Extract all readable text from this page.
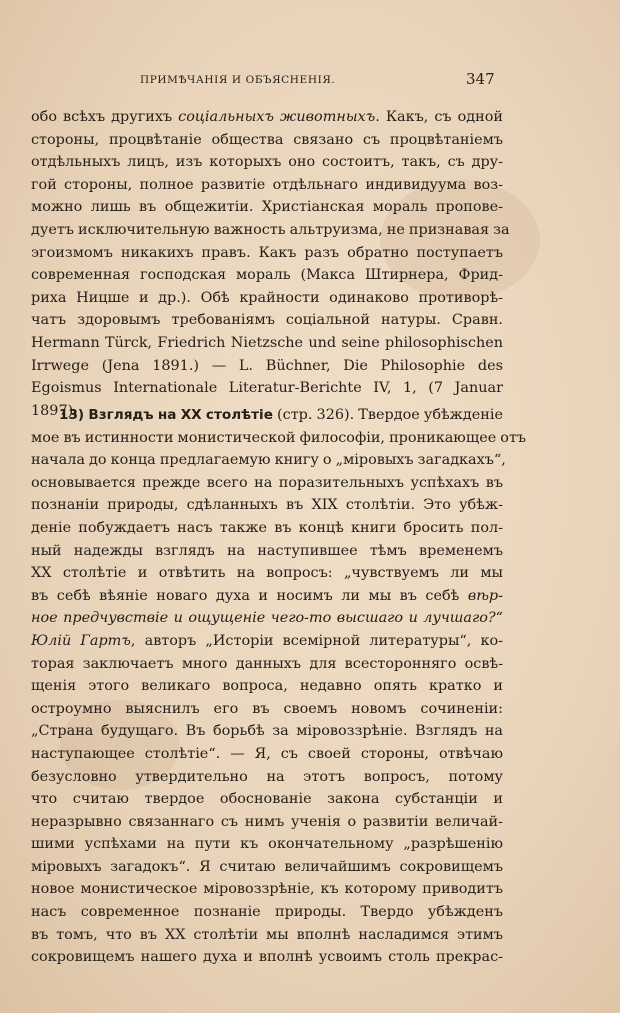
ПРИМѢЧАНІЯ И ОБЪЯСНЕНІЯ.	347
обо всѣхъ другихъ соціальныхъ животныхъ. Какъ, съ одной
стороны, процвѣтаніе общества связано съ процвѣтаніемъ
отдѣльныхъ лицъ, изъ которыхъ оно состоитъ, такъ, съ дру-
гой стороны, полное развитіе отдѣльнаго индивидуума воз-
можно лишь въ общежитіи. Христіанская мораль пропове-
дуетъ исключительную важность альтруизма, не признавая за
эгоизмомъ никакихъ правъ. Какъ разъ обратно поступаетъ
современная господская мораль (Макса Штирнера, Фрид-
риха Ницше и др.). Обѣ крайности одинаково противорѣ-
чатъ здоровымъ требованіямъ соціальной натуры. Сравн.
Hermann Türck, Friedrich Nietzsche und seine philosophischen
Irrwege (Jena 1891.) — L. Büchner, Die Philosophie des
Egoismus Internationale Literatur-Berichte IV, 1, (7 Januar
1897).
13) Взглядъ на XX столѣтіе (стр. 326). Твердое убѣжденіе
мое въ истинности монистической философіи, проникающее отъ
начала до конца предлагаемую книгу о „міровыхъ загадкахъ“,
основывается прежде всего на поразительныхъ успѣхахъ въ
познаніи природы, сдѣланныхъ въ XIX столѣтіи. Это убѣж-
деніе побуждаетъ насъ также въ концѣ книги бросить пол-
ный надежды взглядъ на наступившее тѣмъ временемъ
XX столѣтіе и отвѣтить на вопросъ: „чувствуемъ ли мы
въ себѣ вѣяніе новаго духа и носимъ ли мы въ себѣ вѣр-
ное предчувствіе и ощущеніе чего-то высшаго и лучшаго?“
Юлій Гартъ, авторъ „Исторіи всемірной литературы“, ко-
торая заключаетъ много данныхъ для всесторонняго освѣ-
щенія этого великаго вопроса, недавно опять кратко и
остроумно выяснилъ его въ своемъ новомъ сочиненіи:
„Страна будущаго. Въ борьбѣ за міровоззрѣніе. Взглядъ на
наступающее столѣтіе“. — Я, съ своей стороны, отвѣчаю
безусловно утвердительно на этотъ вопросъ, потому
что считаю твердое обоснованіе закона субстанціи и
неразрывно связаннаго съ нимъ ученія о развитіи величай-
шими успѣхами на пути къ окончательному „разрѣшенію
міровыхъ загадокъ“. Я считаю величайшимъ сокровищемъ
новое монистическое міровоззрѣніе, къ которому приводитъ
насъ современное познаніе природы. Твердо убѣжденъ
въ томъ, что въ XX столѣтіи мы вполнѣ насладимся этимъ
сокровищемъ нашего духа и вполнѣ усвоимъ столь прекрас-
